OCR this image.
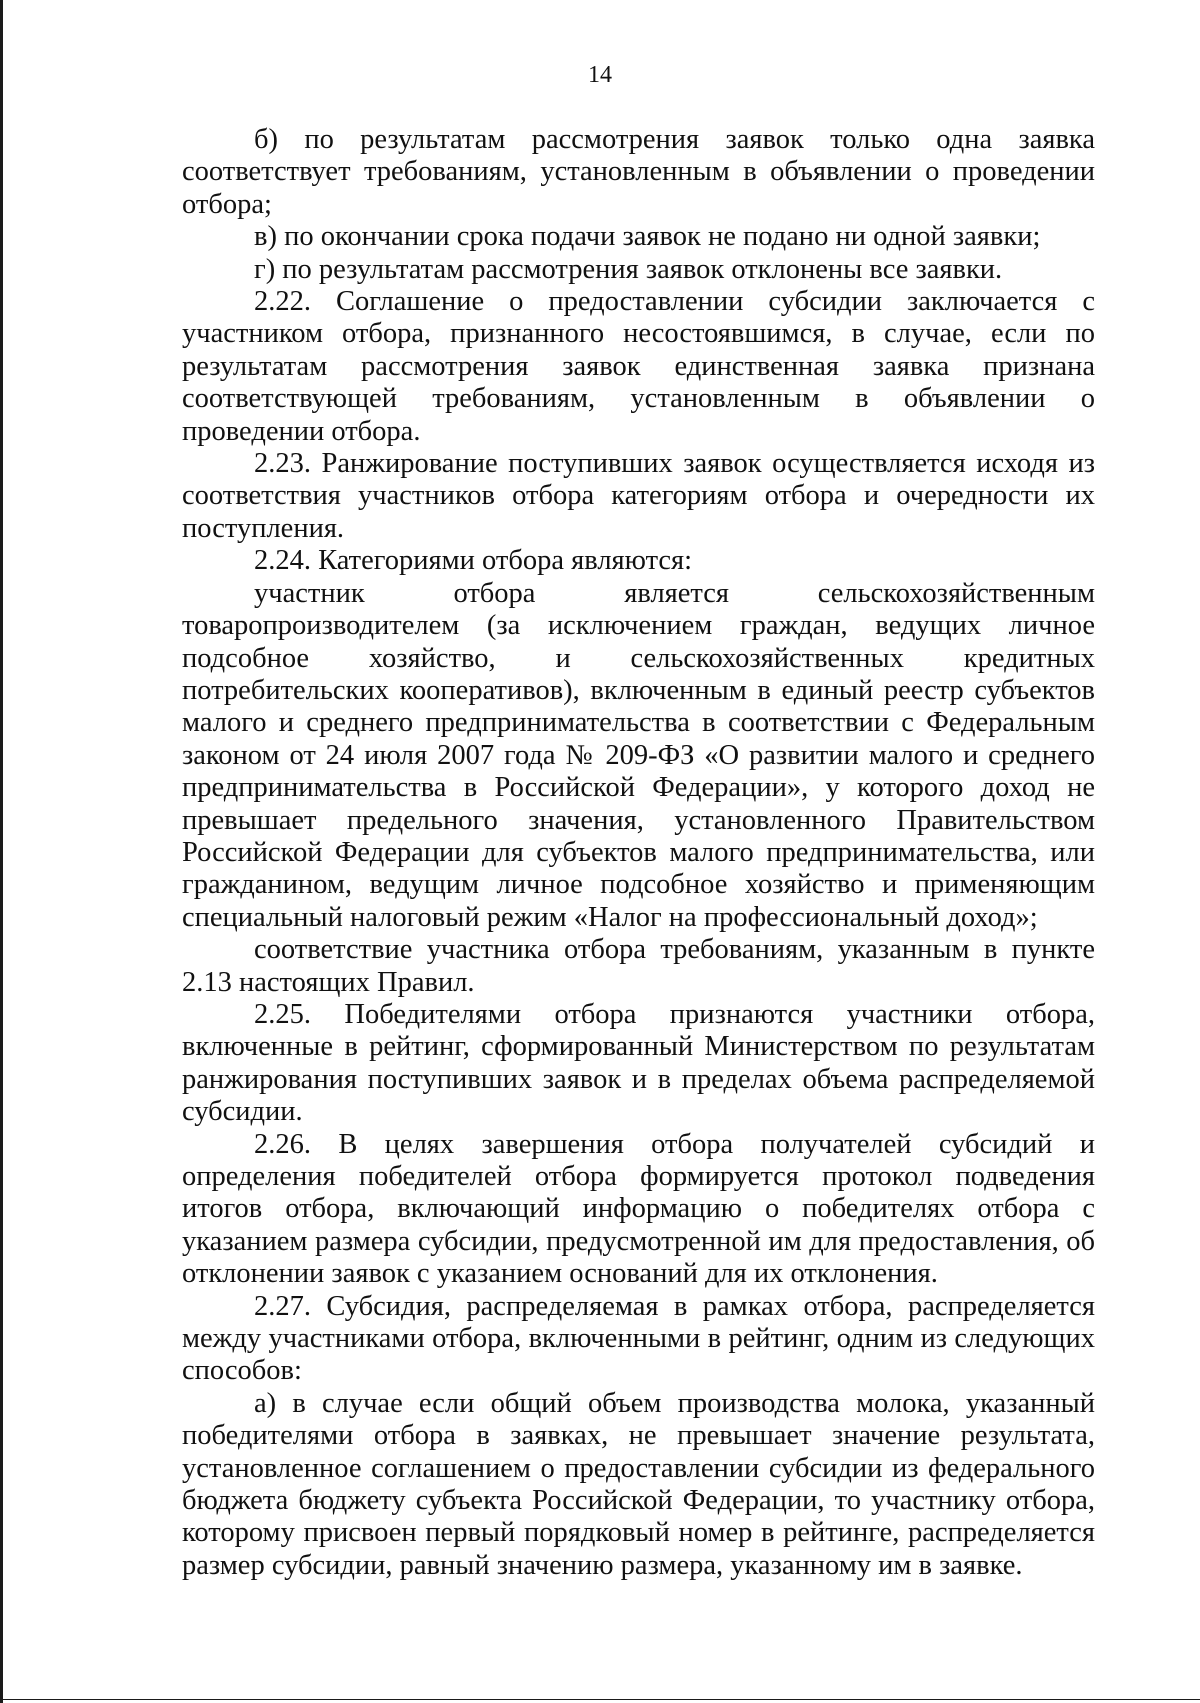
14

б) по результатам рассмотрения заявок только одна заявка соответствует требованиям, установленным в объявлении о проведении отбора;

в) по окончании срока подачи заявок не подано ни одной заявки;

г) по результатам рассмотрения заявок отклонены все заявки.

2.22. Соглашение о предоставлении субсидии заключается с участником отбора, признанного несостоявшимся, в случае, если по результатам рассмотрения заявок единственная заявка признана соответствующей требованиям, установленным в объявлении о проведении отбора.

2.23. Ранжирование поступивших заявок осуществляется исходя из соответствия участников отбора категориям отбора и очередности их поступления.

2.24. Категориями отбора являются:

участник отбора является сельскохозяйственным товаропроизводителем (за исключением граждан, ведущих личное подсобное хозяйство, и сельскохозяйственных кредитных потребительских кооперативов), включенным в единый реестр субъектов малого и среднего предпринимательства в соответствии с Федеральным законом от 24 июля 2007 года № 209-ФЗ «О развитии малого и среднего предпринимательства в Российской Федерации», у которого доход не превышает предельного значения, установленного Правительством Российской Федерации для субъектов малого предпринимательства, или гражданином, ведущим личное подсобное хозяйство и применяющим специальный налоговый режим «Налог на профессиональный доход»;

соответствие участника отбора требованиям, указанным в пункте 2.13 настоящих Правил.

2.25. Победителями отбора признаются участники отбора, включенные в рейтинг, сформированный Министерством по результатам ранжирования поступивших заявок и в пределах объема распределяемой субсидии.

2.26. В целях завершения отбора получателей субсидий и определения победителей отбора формируется протокол подведения итогов отбора, включающий информацию о победителях отбора с указанием размера субсидии, предусмотренной им для предоставления, об отклонении заявок с указанием оснований для их отклонения.

2.27. Субсидия, распределяемая в рамках отбора, распределяется между участниками отбора, включенными в рейтинг, одним из следующих способов:

а) в случае если общий объем производства молока, указанный победителями отбора в заявках, не превышает значение результата, установленное соглашением о предоставлении субсидии из федерального бюджета бюджету субъекта Российской Федерации, то участнику отбора, которому присвоен первый порядковый номер в рейтинге, распределяется размер субсидии, равный значению размера, указанному им в заявке.
